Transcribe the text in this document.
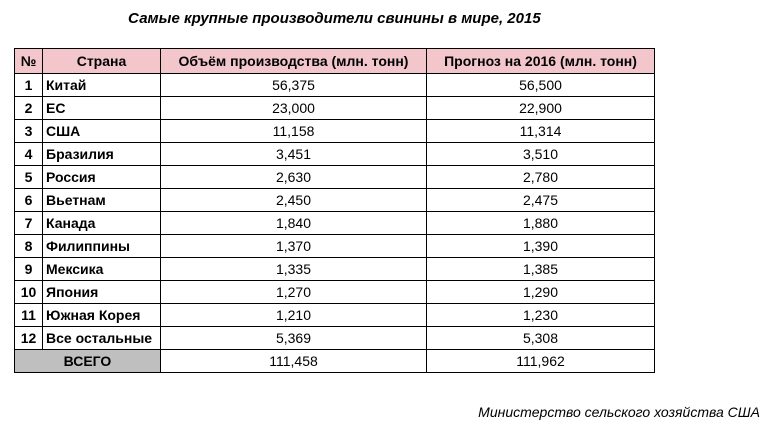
Самые крупные производители свинины в мире, 2015
№	Страна	Объём производства (млн. тонн)	Прогноз на 2016 (млн. тонн)
1	Китай	56,375	56,500
2	ЕС	23,000	22,900
3	США	11,158	11,314
4	Бразилия	3,451	3,510
5	Россия	2,630	2,780
6	Вьетнам	2,450	2,475
7	Канада	1,840	1,880
8	Филиппины	1,370	1,390
9	Мексика	1,335	1,385
10	Япония	1,270	1,290
11	Южная Корея	1,210	1,230
12	Все остальные	5,369	5,308
ВСЕГО		111,458	111,962
Министерство сельского хозяйства США
